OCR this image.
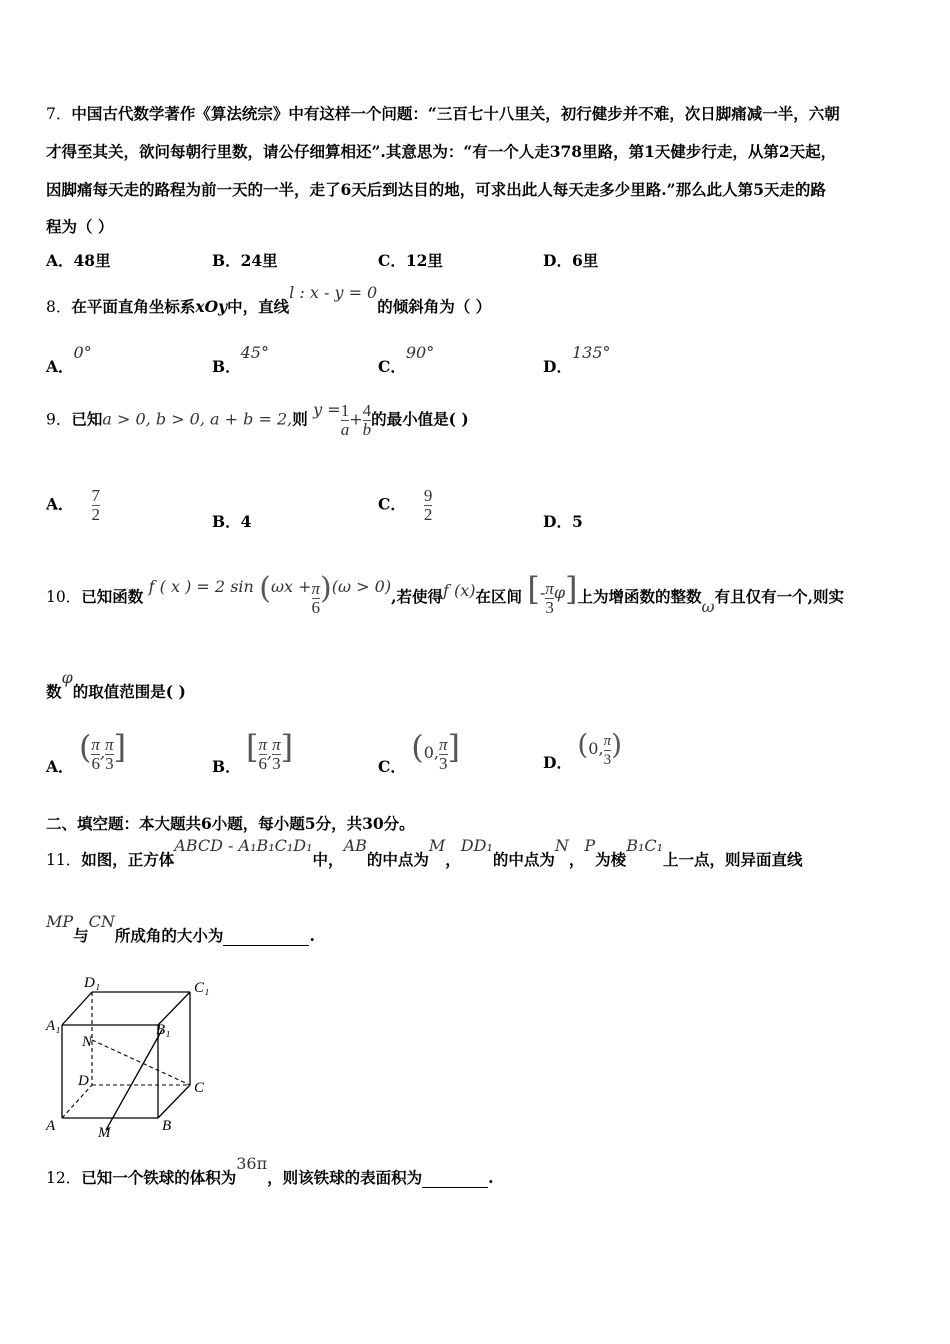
7．中国古代数学著作《算法统宗》中有这样一个问题：“三百七十八里关，初行健步并不难，次日脚痛减一半，六朝
才得至其关，欲问每朝行里数，请公仔细算相还”.其意思为：“有一个人走378里路，第1天健步行走，从第2天起，
因脚痛每天走的路程为前一天的一半，走了6天后到达目的地，可求出此人每天走多少里路.”那么此人第5天走的路
程为（ ）
A．48里	B．24里	C．12里	D．6里
8．在平面直角坐标系xOy中，直线l : x - y = 0的倾斜角为（ ）
A．0°
B．45°
C．90°
D．135°
9．已知a > 0, b > 0, a + b = 2,则 $y = \frac{1}{a} + \frac{4}{b}$ 的最小值是( )
A． $\frac{7}{2}$	B．4
C． $\frac{9}{2}$	D．5
10．已知函数 f ( x ) = 2 $\sin (\omega x + \frac{\pi}{6} )(\omega > 0)$,若使得f (x)在区间 [- $\frac{\pi}{3} \varphi$]上为增函数的整数ω有且仅有一个,则实
数φ的取值范围是( )
A． ( $\frac{\pi}{6}$ , $\frac{\pi}{3}$ ]
B． [ $\frac{\pi}{6}$ , $\frac{\pi}{3}$ ]
C． (0, $\frac{\pi}{3}$ ]	D． (0, $\frac{\pi}{3}$ )
二、填空题：本大题共6小题，每小题5分，共30分。
11．如图，正方体ABCD - A₁B₁C₁D₁中，AB的中点为M，DD₁的中点为N，P为棱B₁C₁上一点，则异面直线
MP与CN所成角的大小为	.
D₁	C₁
A₁	B₁
N
D	C
A	M	B
12．已知一个铁球的体积为36π，则该铁球的表面积为	.
